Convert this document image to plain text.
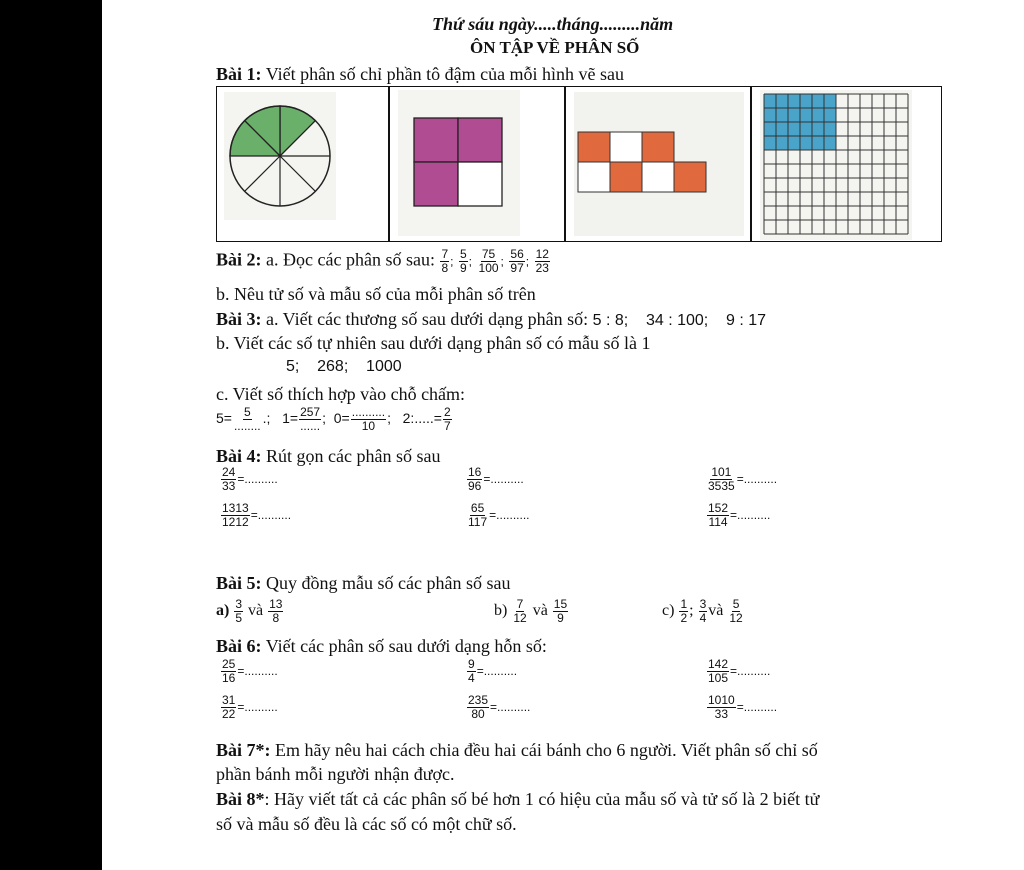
Thứ sáu ngày.....tháng.........năm
ÔN TẬP VỀ PHÂN SỐ
Bài 1: Viết phân số chỉ phần tô đậm của mỗi hình vẽ sau
Bài 2: a. Đọc các phân số sau: $\frac{7}{8}$ ; $\frac{5}{9}$ ; $\frac{75}{100}$ ; $\frac{56}{97}$ ; $\frac{12}{23}$
b. Nêu tử số và mẫu số của mỗi phân số trên
Bài 3: a. Viết các thương số sau dưới dạng phân số: 5 : 8;    34 : 100;    9 : 17
b. Viết các số tự nhiên sau dưới dạng phân số có mẫu số là 1
5;    268;    1000
c. Viết số thích hợp vào chỗ chấm:
$5= \frac{5}{........}$ .; $1= \frac{257}{......}$ ; $0= \frac{..........}{10}$ ; 2:.....= $\frac{2}{7}$
Bài 4: Rút gọn các phân số sau
$\frac{24}{33}$ =..........	$\frac{16}{96}$ =..........	$\frac{101}{3535}$ =..........
$\frac{1313}{1212}$ =..........	$\frac{65}{117}$ =..........	$\frac{152}{114}$ =..........
Bài 5: Quy đồng mẫu số các phân số sau
$a) \frac{3}{5}$ và $\frac{13}{8}$	$b) \frac{7}{12}$ và $\frac{15}{9}$	$c) \frac{1}{2}$ ; $\frac{3}{4}$ và $\frac{5}{12}$
Bài 6: Viết các phân số sau dưới dạng hỗn số:
$\frac{25}{16}$ =..........	$\frac{9}{4}$ =..........	$\frac{142}{105}$ =..........
$\frac{31}{22}$ =..........	$\frac{235}{80}$ =..........	$\frac{1010}{33}$ =..........
Bài 7*: Em hãy nêu hai cách chia đều hai cái bánh cho 6 người. Viết phân số chỉ số
phần bánh mỗi người nhận được.
Bài 8*: Hãy viết tất cả các phân số bé hơn 1 có hiệu của mẫu số và tử số là 2 biết tử
số và mẫu số đều là các số có một chữ số.
